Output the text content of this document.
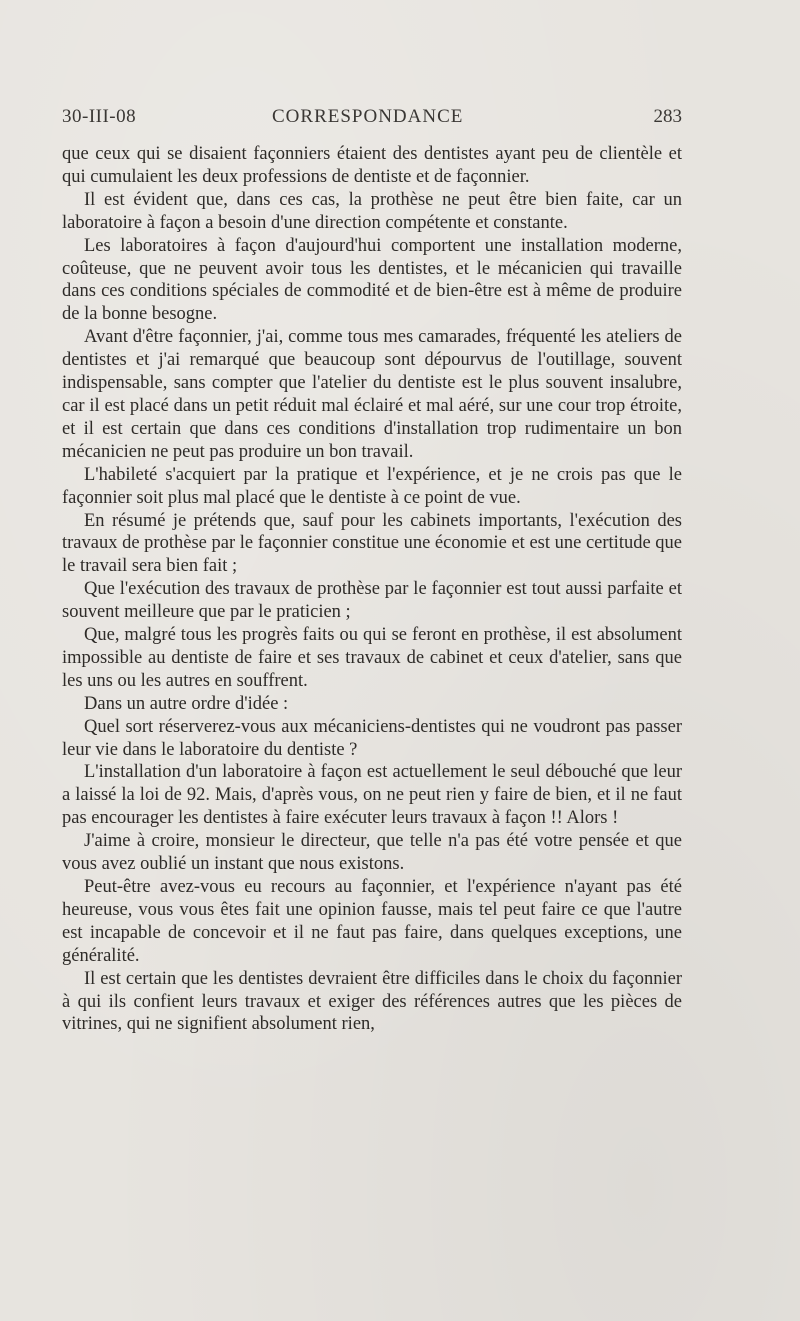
30-III-08	CORRESPONDANCE	283

que ceux qui se disaient façonniers étaient des dentistes ayant peu de clientèle et qui cumulaient les deux professions de dentiste et de façonnier.

Il est évident que, dans ces cas, la prothèse ne peut être bien faite, car un laboratoire à façon a besoin d'une direction compétente et constante.

Les laboratoires à façon d'aujourd'hui comportent une installation moderne, coûteuse, que ne peuvent avoir tous les dentistes, et le mécanicien qui travaille dans ces conditions spéciales de commodité et de bien-être est à même de produire de la bonne besogne.

Avant d'être façonnier, j'ai, comme tous mes camarades, fréquenté les ateliers de dentistes et j'ai remarqué que beaucoup sont dépourvus de l'outillage, souvent indispensable, sans compter que l'atelier du dentiste est le plus souvent insalubre, car il est placé dans un petit réduit mal éclairé et mal aéré, sur une cour trop étroite, et il est certain que dans ces conditions d'installation trop rudimentaire un bon mécanicien ne peut pas produire un bon travail.

L'habileté s'acquiert par la pratique et l'expérience, et je ne crois pas que le façonnier soit plus mal placé que le dentiste à ce point de vue.

En résumé je prétends que, sauf pour les cabinets importants, l'exécution des travaux de prothèse par le façonnier constitue une économie et est une certitude que le travail sera bien fait ;

Que l'exécution des travaux de prothèse par le façonnier est tout aussi parfaite et souvent meilleure que par le praticien ;

Que, malgré tous les progrès faits ou qui se feront en prothèse, il est absolument impossible au dentiste de faire et ses travaux de cabinet et ceux d'atelier, sans que les uns ou les autres en souffrent.

Dans un autre ordre d'idée :

Quel sort réserverez-vous aux mécaniciens-dentistes qui ne voudront pas passer leur vie dans le laboratoire du dentiste ?

L'installation d'un laboratoire à façon est actuellement le seul débouché que leur a laissé la loi de 92. Mais, d'après vous, on ne peut rien y faire de bien, et il ne faut pas encourager les dentistes à faire exécuter leurs travaux à façon !! Alors !

J'aime à croire, monsieur le directeur, que telle n'a pas été votre pensée et que vous avez oublié un instant que nous existons.

Peut-être avez-vous eu recours au façonnier, et l'expérience n'ayant pas été heureuse, vous vous êtes fait une opinion fausse, mais tel peut faire ce que l'autre est incapable de concevoir et il ne faut pas faire, dans quelques exceptions, une généralité.

Il est certain que les dentistes devraient être difficiles dans le choix du façonnier à qui ils confient leurs travaux et exiger des références autres que les pièces de vitrines, qui ne signifient absolument rien,
